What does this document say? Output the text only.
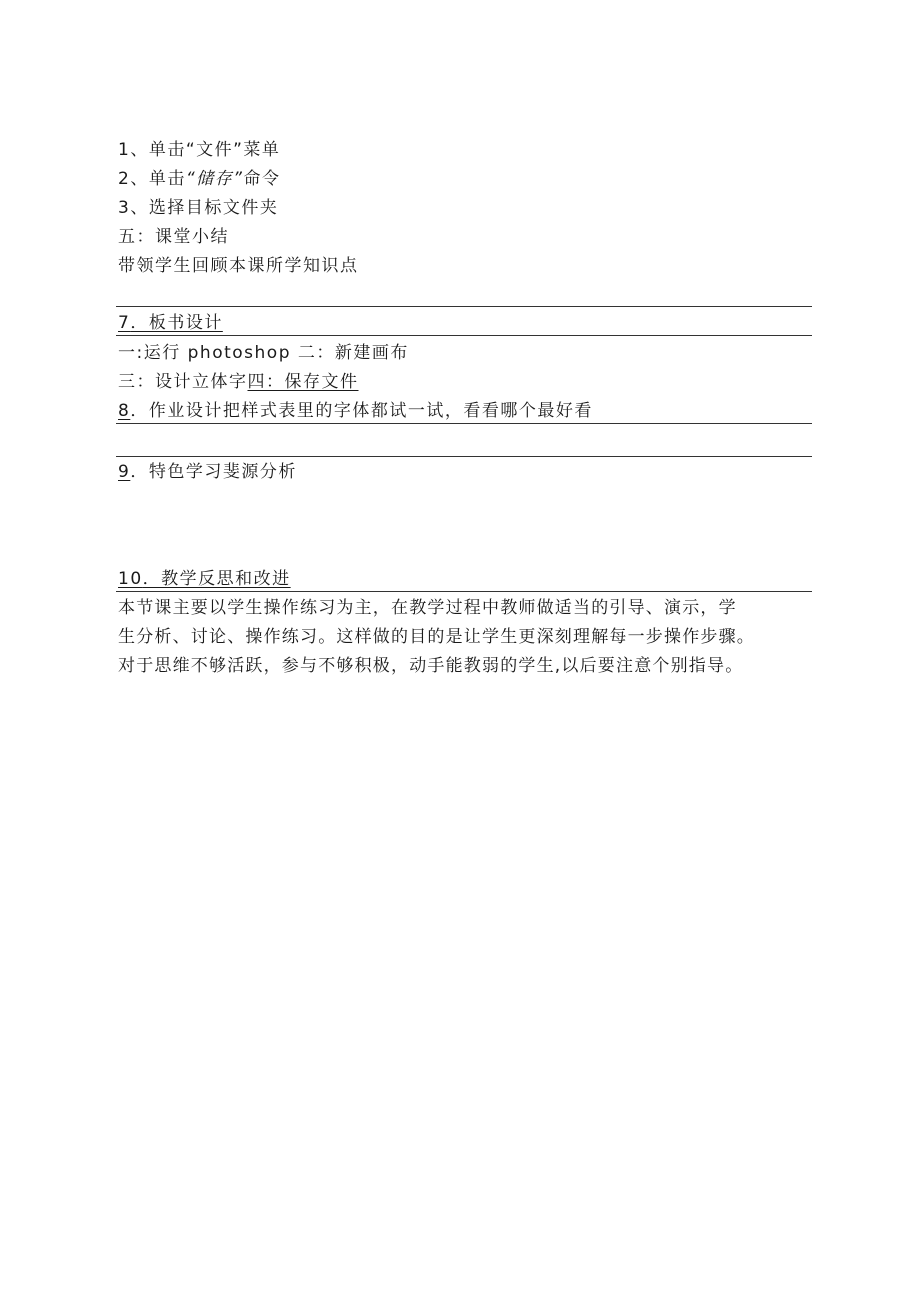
1、单击“文件”菜单
2、单击“储存”命令
3、选择目标文件夹
五：课堂小结
带领学生回顾本课所学知识点
7．板书设计
一:运行 photoshop 二：新建画布
三：设计立体字四：保存文件
8．作业设计把样式表里的字体都试一试，看看哪个最好看
9．特色学习斐源分析
10．教学反思和改进
本节课主要以学生操作练习为主，在教学过程中教师做适当的引导、演示，学
生分析、讨论、操作练习。这样做的目的是让学生更深刻理解每一步操作步骤。
对于思维不够活跃，参与不够积极，动手能教弱的学生,以后要注意个别指导。
